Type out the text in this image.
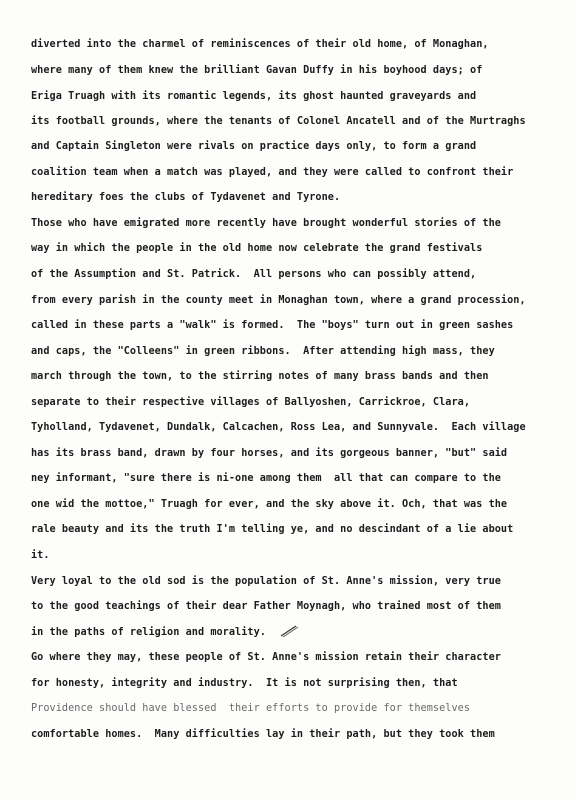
diverted into the charmel of reminiscences of their old home, of Monaghan,
where many of them knew the brilliant Gavan Duffy in his boyhood days; of
Eriga Truagh with its romantic legends, its ghost haunted graveyards and
its football grounds, where the tenants of Colonel Ancatell and of the Murtraghs
and Captain Singleton were rivals on practice days only, to form a grand
coalition team when a match was played, and they were called to confront their
hereditary foes the clubs of Tydavenet and Tyrone.
Those who have emigrated more recently have brought wonderful stories of the
way in which the people in the old home now celebrate the grand festivals
of the Assumption and St. Patrick.  All persons who can possibly attend,
from every parish in the county meet in Monaghan town, where a grand procession,
called in these parts a "walk" is formed.  The "boys" turn out in green sashes
and caps, the "Colleens" in green ribbons.  After attending high mass, they
march through the town, to the stirring notes of many brass bands and then
separate to their respective villages of Ballyoshen, Carrickroe, Clara,
Tyholland, Tydavenet, Dundalk, Calcachen, Ross Lea, and Sunnyvale.  Each village
has its brass band, drawn by four horses, and its gorgeous banner, "but" said
ney informant, "sure there is ni-one among them  all that can compare to the
one wid the mottoe," Truagh for ever, and the sky above it. Och, that was the
rale beauty and its the truth I'm telling ye, and no descindant of a lie about
it.
Very loyal to the old sod is the population of St. Anne's mission, very true
to the good teachings of their dear Father Moynagh, who trained most of them
in the paths of religion and morality.
Go where they may, these people of St. Anne's mission retain their character
for honesty, integrity and industry.  It is not surprising then, that
Providence should have blessed  their efforts to provide for themselves
comfortable homes.  Many difficulties lay in their path, but they took them
